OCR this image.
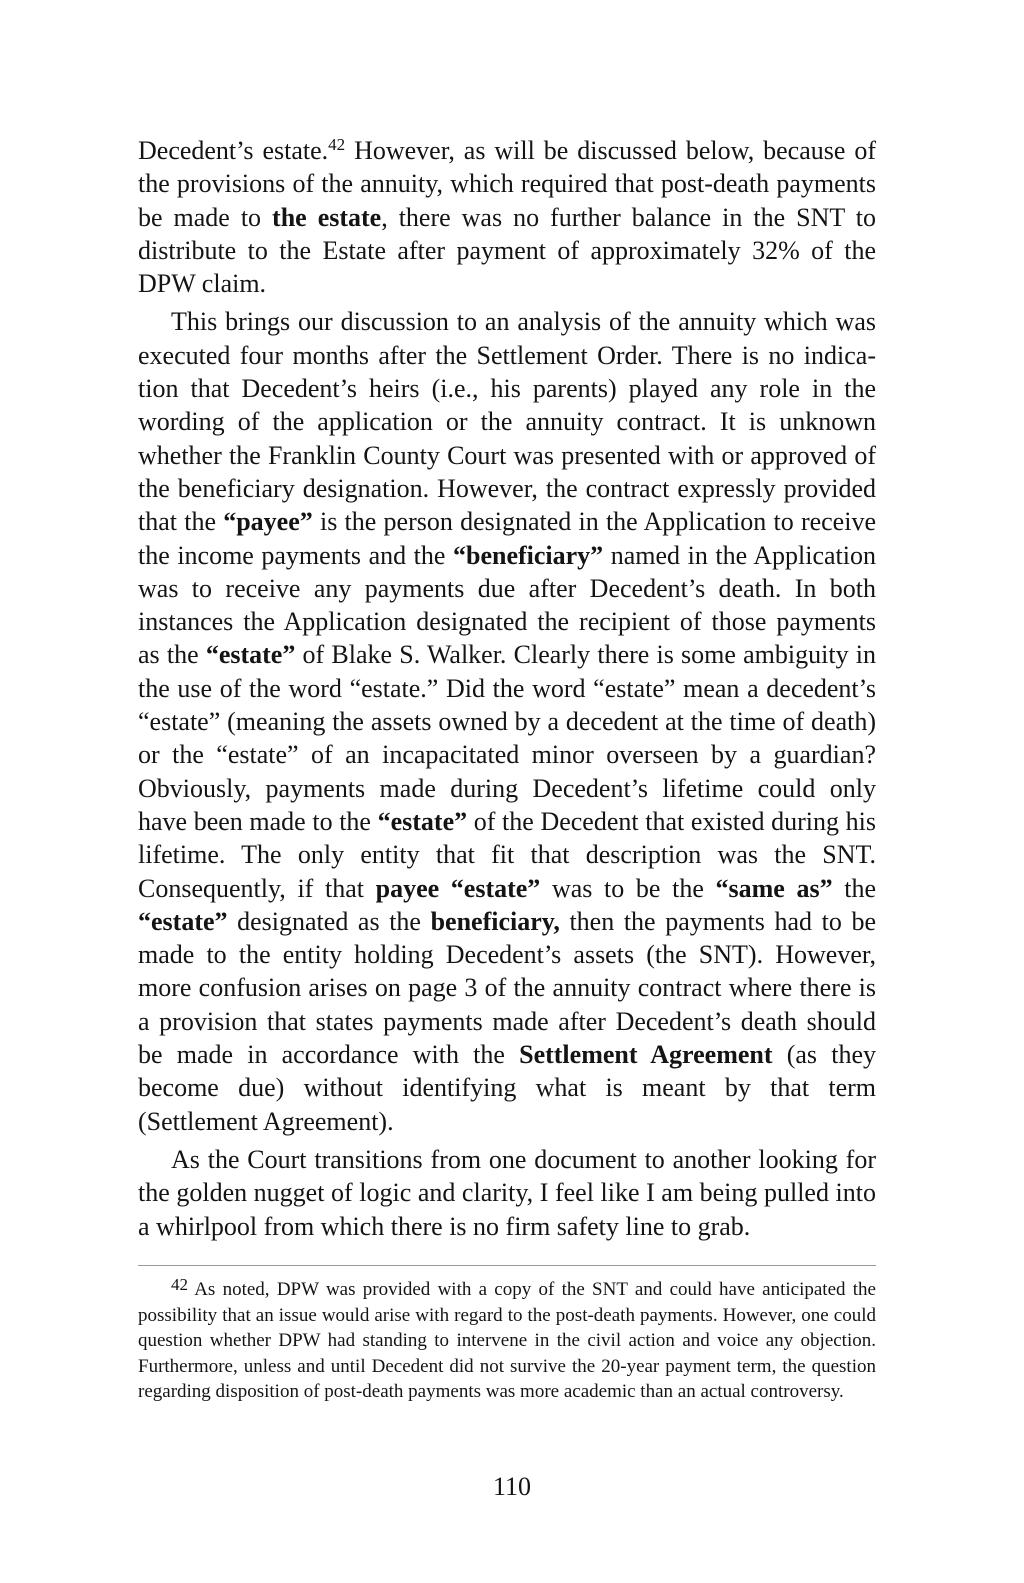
Decedent’s estate.$^{42}$ However, as will be discussed below, because of the provisions of the annuity, which required that post-death payments be made to the estate, there was no further balance in the SNT to distribute to the Estate after payment of approximately 32% of the DPW claim.

This brings our discussion to an analysis of the annuity which was executed four months after the Settlement Order. There is no indication that Decedent’s heirs (i.e., his parents) played any role in the wording of the application or the annuity contract. It is unknown whether the Franklin County Court was presented with or approved of the beneficiary designation. However, the contract expressly provided that the “payee” is the person designated in the Application to receive the income payments and the “beneficiary” named in the Application was to receive any payments due after Decedent’s death. In both instances the Application designated the recipient of those payments as the “estate” of Blake S. Walker. Clearly there is some ambiguity in the use of the word “estate.” Did the word “estate” mean a decedent’s “estate” (meaning the assets owned by a decedent at the time of death) or the “estate” of an incapacitated minor overseen by a guardian? Obviously, payments made during Decedent’s lifetime could only have been made to the “estate” of the Decedent that existed during his lifetime. The only entity that fit that description was the SNT. Consequently, if that payee “estate” was to be the “same as” the “estate” designated as the beneficiary, then the payments had to be made to the entity holding Decedent’s assets (the SNT). However, more confusion arises on page 3 of the annuity contract where there is a provision that states payments made after Decedent’s death should be made in accordance with the Settlement Agreement (as they become due) without identifying what is meant by that term (Settlement Agreement).

As the Court transitions from one document to another looking for the golden nugget of logic and clarity, I feel like I am being pulled into a whirlpool from which there is no firm safety line to grab.

$^{42}$ As noted, DPW was provided with a copy of the SNT and could have anticipated the possibility that an issue would arise with regard to the post-death payments. However, one could question whether DPW had standing to intervene in the civil action and voice any objection. Furthermore, unless and until Decedent did not survive the 20-year payment term, the question regarding disposition of post-death payments was more academic than an actual controversy.

110
